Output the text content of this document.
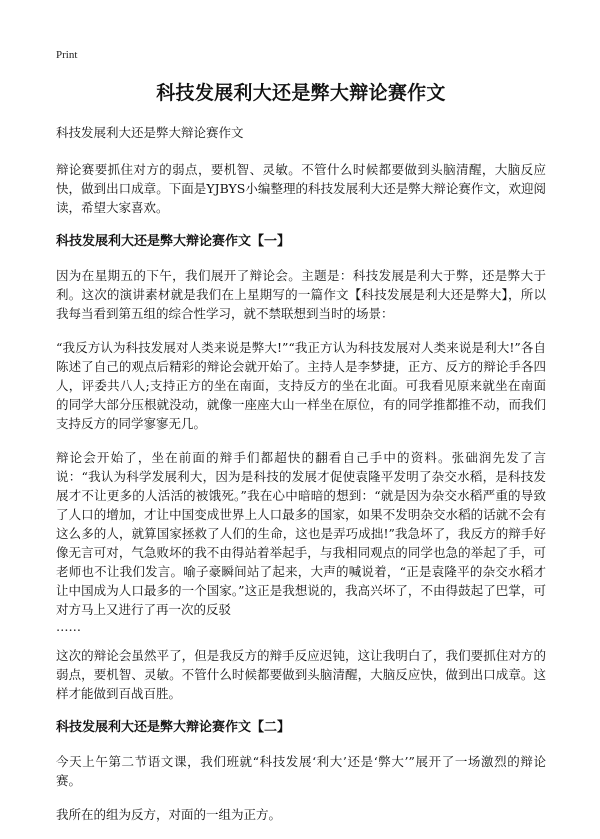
Print
科技发展利大还是弊大辩论赛作文
科技发展利大还是弊大辩论赛作文

辩论赛要抓住对方的弱点，要机智、灵敏。不管什么时候都要做到头脑清醒，大脑反应快，做到出口成章。下面是YJBYS小编整理的科技发展利大还是弊大辩论赛作文，欢迎阅读，希望大家喜欢。

科技发展利大还是弊大辩论赛作文【一】

因为在星期五的下午，我们展开了辩论会。主题是：科技发展是利大于弊，还是弊大于利。这次的演讲素材就是我们在上星期写的一篇作文【科技发展是利大还是弊大】，所以我每当看到第五组的综合性学习，就不禁联想到当时的场景：

“我反方认为科技发展对人类来说是弊大!”“我正方认为科技发展对人类来说是利大!”各自陈述了自己的观点后精彩的辩论会就开始了。主持人是李梦捷，正方、反方的辩论手各四人，评委共八人;支持正方的坐在南面，支持反方的坐在北面。可我看见原来就坐在南面的同学大部分压根就没动，就像一座座大山一样坐在原位，有的同学推都推不动，而我们支持反方的同学寥寥无几。

辩论会开始了，坐在前面的辩手们都超快的翻看自己手中的资料。张础润先发了言说：“我认为科学发展利大，因为是科技的发展才促使袁隆平发明了杂交水稻，是科技发展才不让更多的人活活的被饿死。”我在心中暗暗的想到：“就是因为杂交水稻严重的导致了人口的增加，才让中国变成世界上人口最多的国家，如果不发明杂交水稻的话就不会有这么多的人，就算国家拯救了人们的生命，这也是弄巧成拙!”我急坏了，我反方的辩手好像无言可对，气急败坏的我不由得站着举起手，与我相同观点的同学也急的举起了手，可老师也不让我们发言。喻子豪瞬间站了起来，大声的喊说着，“正是袁隆平的杂交水稻才让中国成为人口最多的一个国家。”这正是我想说的，我高兴坏了，不由得鼓起了巴掌，可对方马上又进行了再一次的反驳

……

这次的辩论会虽然平了，但是我反方的辩手反应迟钝，这让我明白了，我们要抓住对方的弱点，要机智、灵敏。不管什么时候都要做到头脑清醒，大脑反应快，做到出口成章。这样才能做到百战百胜。

科技发展利大还是弊大辩论赛作文【二】

今天上午第二节语文课，我们班就“科技发展‘利大’还是‘弊大’”展开了一场激烈的辩论赛。

我所在的组为反方，对面的一组为正方。
